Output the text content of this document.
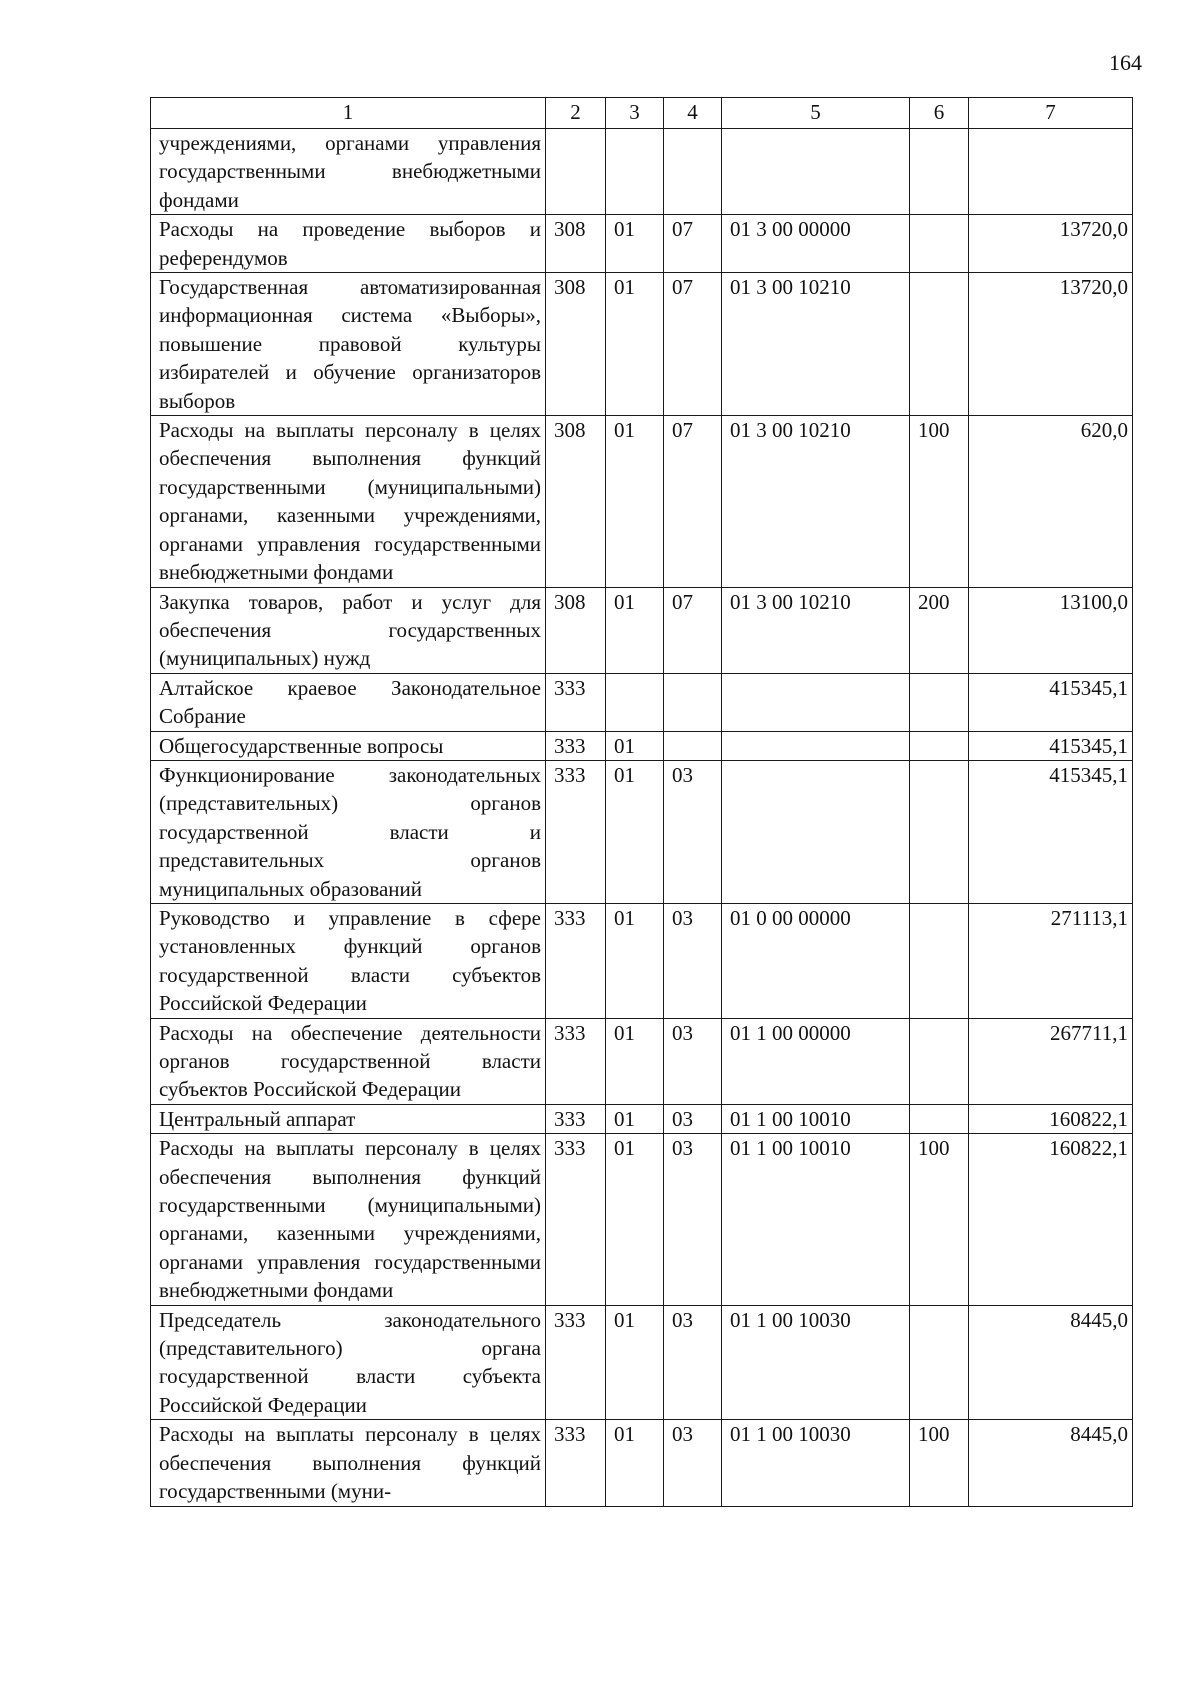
164
1	2	3	4	5	6	7
учреждениями, органами управления государственными внебюджетными фондами						
Расходы на проведение выборов и референдумов	308	01	07	01 3 00 00000		13720,0
Государственная автоматизированная информационная система «Выборы», повышение правовой культуры избирателей и обучение организаторов выборов	308	01	07	01 3 00 10210		13720,0
Расходы на выплаты персоналу в целях обеспечения выполнения функций государственными (муниципальными) органами, казенными учреждениями, органами управления государственными внебюджетными фондами	308	01	07	01 3 00 10210	100	620,0
Закупка товаров, работ и услуг для обеспечения государственных (муниципальных) нужд	308	01	07	01 3 00 10210	200	13100,0
Алтайское краевое Законодательное Собрание	333					415345,1
Общегосударственные вопросы	333	01				415345,1
Функционирование законодательных (представительных) органов государственной власти и представительных органов муниципальных образований	333	01	03			415345,1
Руководство и управление в сфере установленных функций органов государственной власти субъектов Российской Федерации	333	01	03	01 0 00 00000		271113,1
Расходы на обеспечение деятельности органов государственной власти субъектов Российской Федерации	333	01	03	01 1 00 00000		267711,1
Центральный аппарат	333	01	03	01 1 00 10010		160822,1
Расходы на выплаты персоналу в целях обеспечения выполнения функций государственными (муниципальными) органами, казенными учреждениями, органами управления государственными внебюджетными фондами	333	01	03	01 1 00 10010	100	160822,1
Председатель законодательного (представительного) органа государственной власти субъекта Российской Федерации	333	01	03	01 1 00 10030		8445,0
Расходы на выплаты персоналу в целях обеспечения выполнения функций государственными (муни-	333	01	03	01 1 00 10030	100	8445,0
